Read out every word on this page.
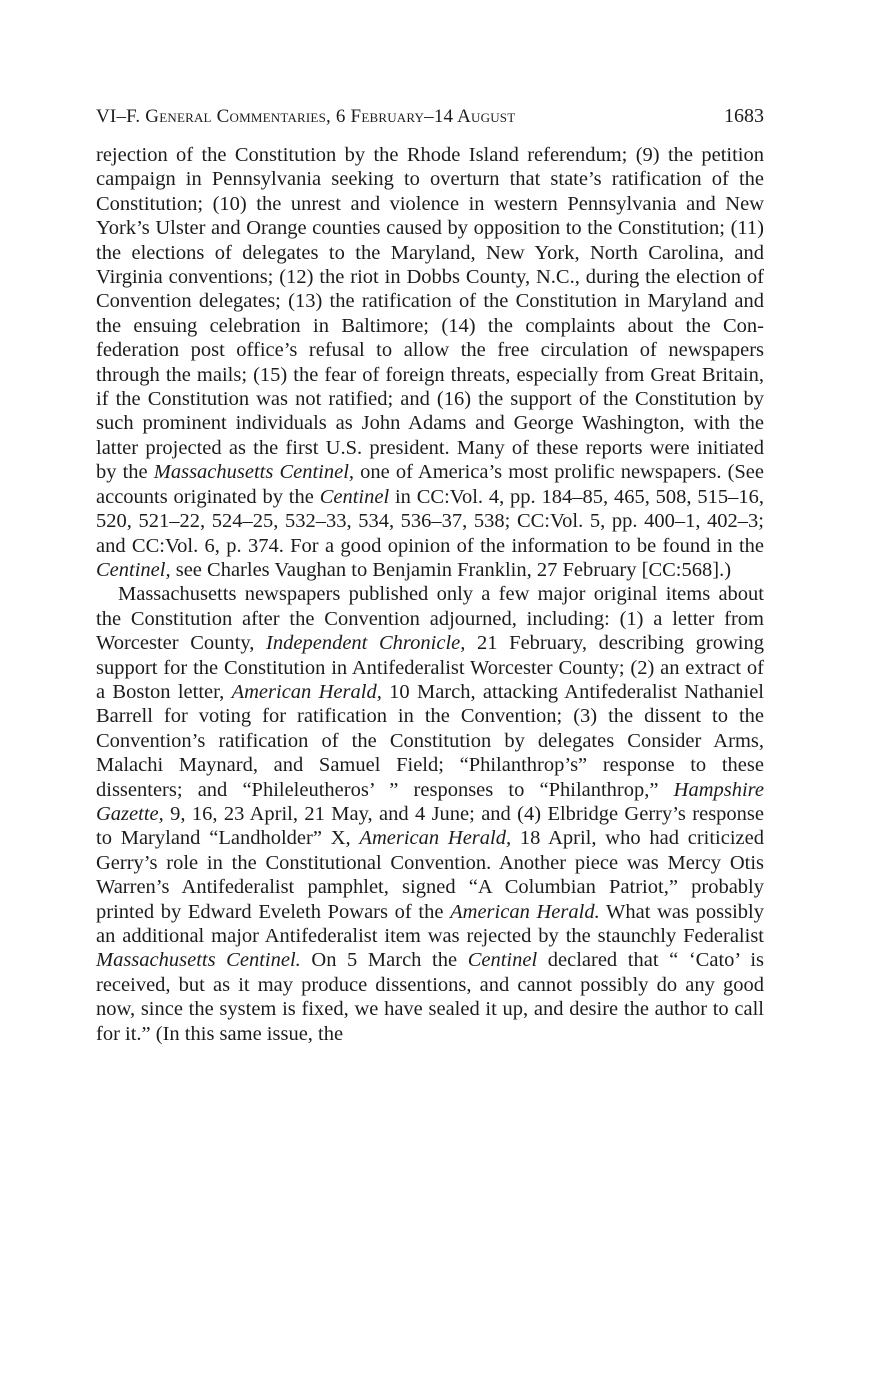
VI–F. General Commentaries, 6 February–14 August	1683

rejection of the Constitution by the Rhode Island referendum; (9) the petition campaign in Pennsylvania seeking to overturn that state’s ratification of the Constitution; (10) the unrest and violence in western Pennsylvania and New York’s Ulster and Orange counties caused by opposition to the Constitution; (11) the elections of delegates to the Maryland, New York, North Carolina, and Virginia conventions; (12) the riot in Dobbs County, N.C., during the election of Convention delegates; (13) the ratification of the Constitution in Maryland and the ensuing celebration in Baltimore; (14) the complaints about the Confederation post office’s refusal to allow the free circulation of newspapers through the mails; (15) the fear of foreign threats, especially from Great Britain, if the Constitution was not ratified; and (16) the support of the Constitution by such prominent individuals as John Adams and George Washington, with the latter projected as the first U.S. president. Many of these reports were initiated by the Massachusetts Centinel, one of America’s most prolific newspapers. (See accounts originated by the Centinel in CC:Vol. 4, pp. 184–85, 465, 508, 515–16, 520, 521–22, 524–25, 532–33, 534, 536–37, 538; CC:Vol. 5, pp. 400–1, 402–3; and CC:Vol. 6, p. 374. For a good opinion of the information to be found in the Centinel, see Charles Vaughan to Benjamin Franklin, 27 February [CC:568].)

Massachusetts newspapers published only a few major original items about the Constitution after the Convention adjourned, including: (1) a letter from Worcester County, Independent Chronicle, 21 February, describing growing support for the Constitution in Antifederalist Worcester County; (2) an extract of a Boston letter, American Herald, 10 March, attacking Antifederalist Nathaniel Barrell for voting for ratification in the Convention; (3) the dissent to the Convention’s ratification of the Constitution by delegates Consider Arms, Malachi Maynard, and Samuel Field; “Philanthrop’s” response to these dissenters; and “Phileleutheros’ ” responses to “Philanthrop,” Hampshire Gazette, 9, 16, 23 April, 21 May, and 4 June; and (4) Elbridge Gerry’s response to Maryland “Landholder” X, American Herald, 18 April, who had criticized Gerry’s role in the Constitutional Convention. Another piece was Mercy Otis Warren’s Antifederalist pamphlet, signed “A Columbian Patriot,” probably printed by Edward Eveleth Powars of the American Herald. What was possibly an additional major Antifederalist item was rejected by the staunchly Federalist Massachusetts Centinel. On 5 March the Centinel declared that “ ‘Cato’ is received, but as it may produce dissentions, and cannot possibly do any good now, since the system is fixed, we have sealed it up, and desire the author to call for it.” (In this same issue, the
